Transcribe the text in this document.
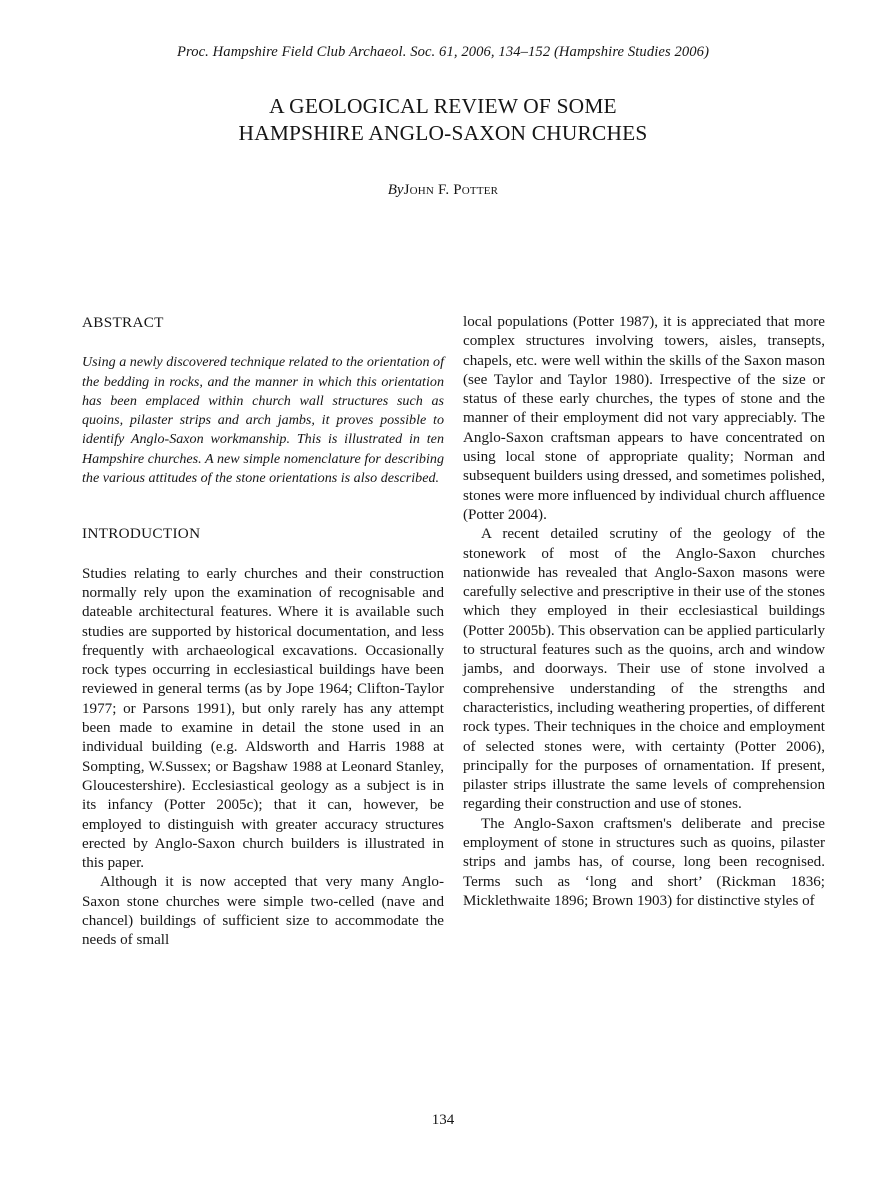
Proc. Hampshire Field Club Archaeol. Soc. 61, 2006, 134–152 (Hampshire Studies 2006)
A GEOLOGICAL REVIEW OF SOME
HAMPSHIRE ANGLO-SAXON CHURCHES
ByJohn F. Potter
ABSTRACT

Using a newly discovered technique related to the orientation of the bedding in rocks, and the manner in which this orientation has been emplaced within church wall structures such as quoins, pilaster strips and arch jambs, it proves possible to identify Anglo-Saxon workmanship. This is illustrated in ten Hampshire churches. A new simple nomenclature for describing the various attitudes of the stone orientations is also described.

INTRODUCTION

Studies relating to early churches and their construction normally rely upon the examination of recognisable and dateable architectural features. Where it is available such studies are supported by historical documentation, and less frequently with archaeological excavations. Occasionally rock types occurring in ecclesiastical buildings have been reviewed in general terms (as by Jope 1964; Clifton-Taylor 1977; or Parsons 1991), but only rarely has any attempt been made to examine in detail the stone used in an individual building (e.g. Aldsworth and Harris 1988 at Sompting, W.Sussex; or Bagshaw 1988 at Leonard Stanley, Gloucestershire). Ecclesiastical geology as a subject is in its infancy (Potter 2005c); that it can, however, be employed to distinguish with greater accuracy structures erected by Anglo-Saxon church builders is illustrated in this paper.

Although it is now accepted that very many Anglo-Saxon stone churches were simple two-celled (nave and chancel) buildings of sufficient size to accommodate the needs of small

local populations (Potter 1987), it is appreciated that more complex structures involving towers, aisles, transepts, chapels, etc. were well within the skills of the Saxon mason (see Taylor and Taylor 1980). Irrespective of the size or status of these early churches, the types of stone and the manner of their employment did not vary appreciably. The Anglo-Saxon craftsman appears to have concentrated on using local stone of appropriate quality; Norman and subsequent builders using dressed, and sometimes polished, stones were more influenced by individual church affluence (Potter 2004).

A recent detailed scrutiny of the geology of the stonework of most of the Anglo-Saxon churches nationwide has revealed that Anglo-Saxon masons were carefully selective and prescriptive in their use of the stones which they employed in their ecclesiastical buildings (Potter 2005b). This observation can be applied particularly to structural features such as the quoins, arch and window jambs, and doorways. Their use of stone involved a comprehensive understanding of the strengths and characteristics, including weathering properties, of different rock types. Their techniques in the choice and employment of selected stones were, with certainty (Potter 2006), principally for the purposes of ornamentation. If present, pilaster strips illustrate the same levels of comprehension regarding their construction and use of stones.

The Anglo-Saxon craftsmen's deliberate and precise employment of stone in structures such as quoins, pilaster strips and jambs has, of course, long been recognised. Terms such as ‘long and short’ (Rickman 1836; Micklethwaite 1896; Brown 1903) for distinctive styles of

134
